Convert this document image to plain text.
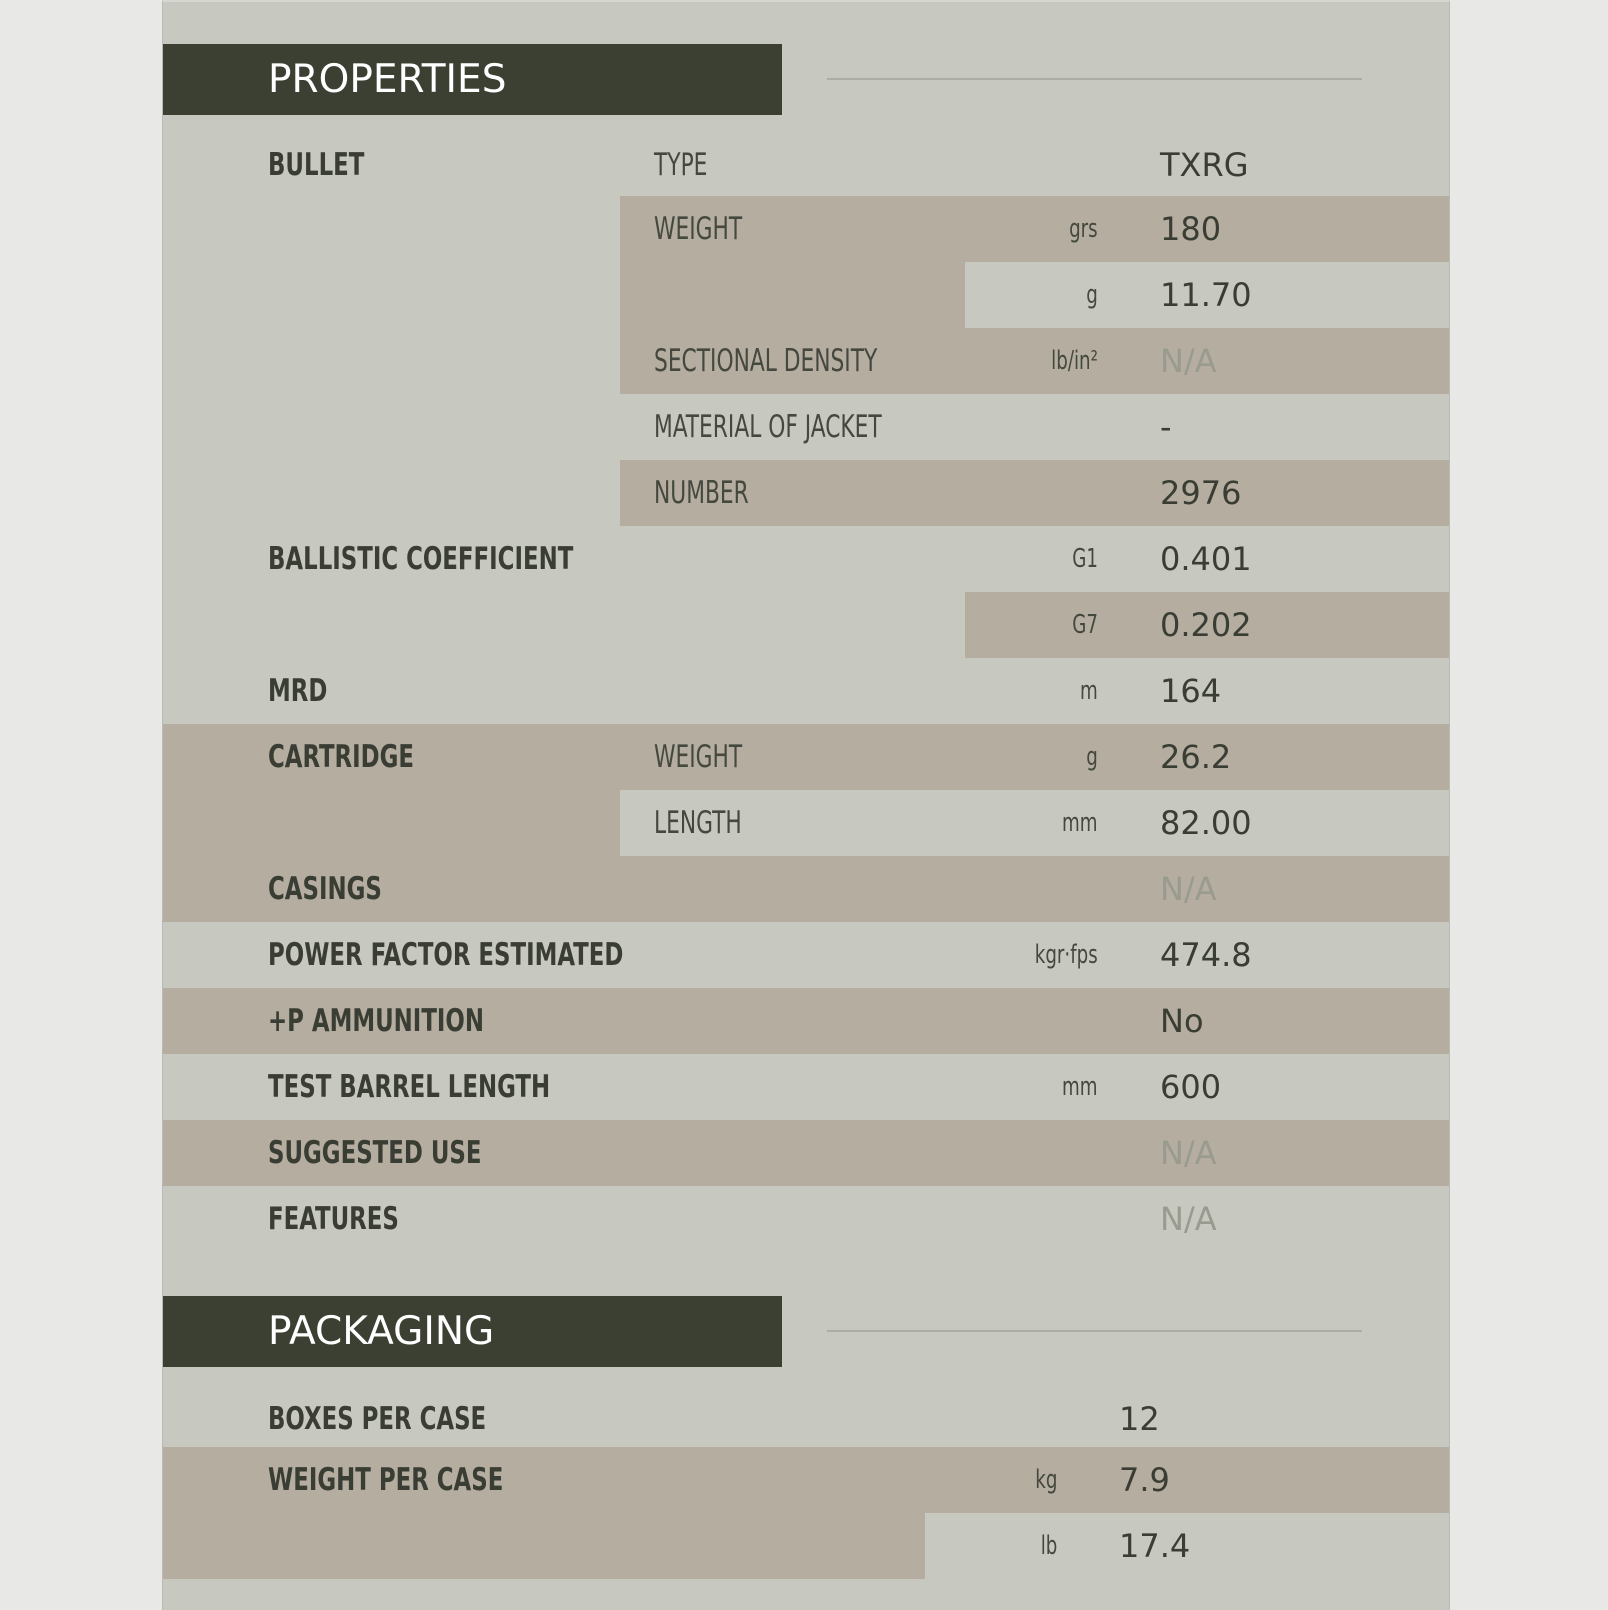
PROPERTIES
BULLET	TYPE	TXRG
WEIGHT	grs 180
g 11.70
SECTIONAL DENSITY	lb/in² N/A
MATERIAL OF JACKET	-
NUMBER	2976
BALLISTIC COEFFICIENT	G1 0.401
G7 0.202
MRD	m 164
CARTRIDGE	WEIGHT	g 26.2
LENGTH	mm 82.00
CASINGS	N/A
POWER FACTOR ESTIMATED	kgr·fps 474.8
+P AMMUNITION	No
TEST BARREL LENGTH	mm 600
SUGGESTED USE	N/A
FEATURES	N/A
PACKAGING
BOXES PER CASE	12
WEIGHT PER CASE	kg 7.9
lb 17.4
